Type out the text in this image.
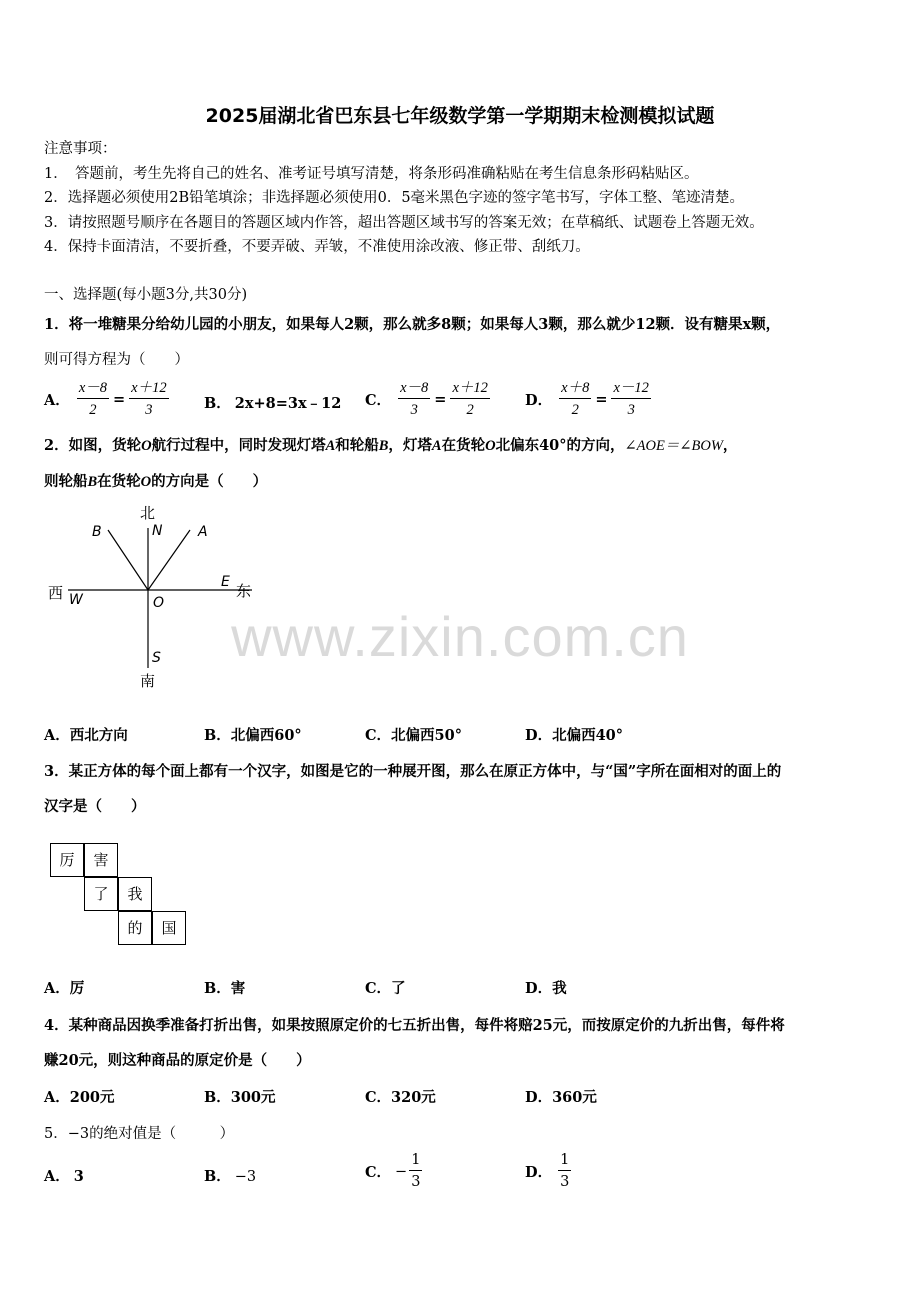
2025届湖北省巴东县七年级数学第一学期期末检测模拟试题
注意事项：
1．　答题前，考生先将自己的姓名、准考证号填写清楚，将条形码准确粘贴在考生信息条形码粘贴区。
2．选择题必须使用2B铅笔填涂；非选择题必须使用0．5毫米黑色字迹的签字笔书写，字体工整、笔迹清楚。
3．请按照题号顺序在各题目的答题区域内作答，超出答题区域书写的答案无效；在草稿纸、试题卷上答题无效。
4．保持卡面清洁，不要折叠，不要弄破、弄皱，不准使用涂改液、修正带、刮纸刀。
一、选择题(每小题3分,共30分)
1．将一堆糖果分给幼儿园的小朋友，如果每人2颗，那么就多8颗；如果每人3颗，那么就少12颗．设有糖果x颗，
则可得方程为（　　）
A． $\frac{x-8}{2} = \frac{x+12}{3}$ B． 2x+8=3x﹣12 C． $\frac{x-8}{3} = \frac{x+12}{2}$ D． $\frac{x+8}{2} = \frac{x-12}{3}$
2．如图，货轮O航行过程中，同时发现灯塔A和轮船B，灯塔A在货轮O北偏东40°的方向，∠AOE＝∠BOW，
则轮船B在货轮O的方向是（　　）
北
N	A
B
西 W	O
E 东
S
南
A．西北方向	B．北偏西60°	C．北偏西50°	D．北偏西40°
3．某正方体的每个面上都有一个汉字，如图是它的一种展开图，那么在原正方体中，与“国”字所在面相对的面上的
汉字是（　　）
厉	害
了	我
的	国
A．厉	B．害	C．了	D．我
www.zixin.com.cn
4．某种商品因换季准备打折出售，如果按照原定价的七五折出售，每件将赔25元，而按原定价的九折出售，每件将
赚20元，则这种商品的原定价是（　　）
A．200元	B．300元	C．320元	D．360元
5．−3的绝对值是（　　　）
A． 3	B． −3	C． − $\frac{1}{3}$	D． $\frac{1}{3}$
